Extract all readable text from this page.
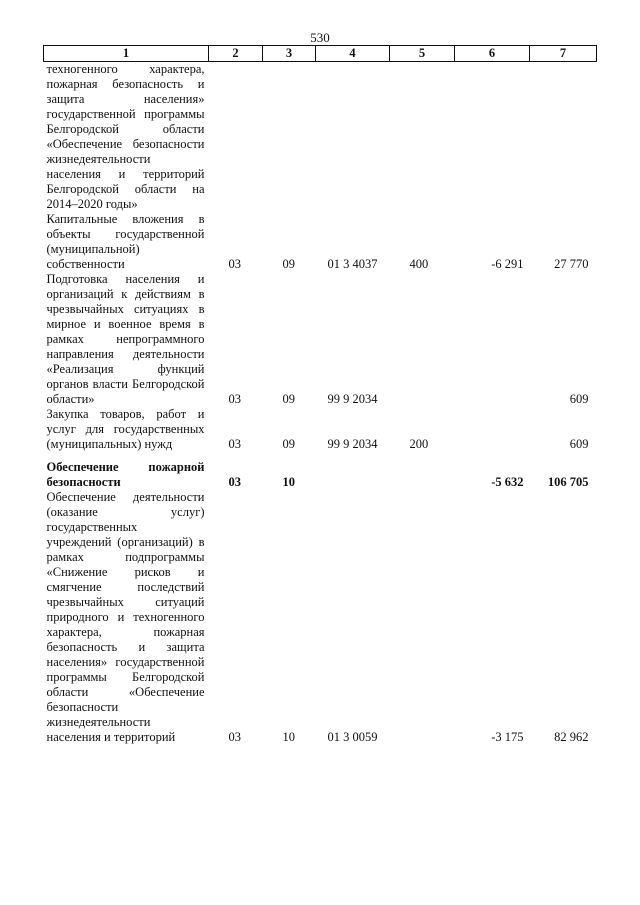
530
1	2	3	4	5	6	7
техногенного характера, пожарная безопасность и защита населения» государственной программы Белгородской области «Обеспечение безопасности жизнедеятельности населения и территорий Белгородской области на 2014–2020 годы»						
Капитальные вложения в объекты государственной (муниципальной) собственности	03	09	01 3 4037	400	-6 291	27 770
Подготовка населения и организаций к действиям в чрезвычайных ситуациях в мирное и военное время в рамках непрограммного направления деятельности «Реализация функций органов власти Белгородской области»	03	09	99 9 2034			609
Закупка товаров, работ и услуг для государственных (муниципальных) нужд	03	09	99 9 2034	200		609

Обеспечение пожарной безопасности	03	10			-5 632	106 705
Обеспечение деятельности (оказание услуг) государственных учреждений (организаций) в рамках подпрограммы «Снижение рисков и смягчение последствий чрезвычайных ситуаций природного и техногенного характера, пожарная безопасность и защита населения» государственной программы Белгородской области «Обеспечение безопасности жизнедеятельности населения и территорий	03	10	01 3 0059		-3 175	82 962
